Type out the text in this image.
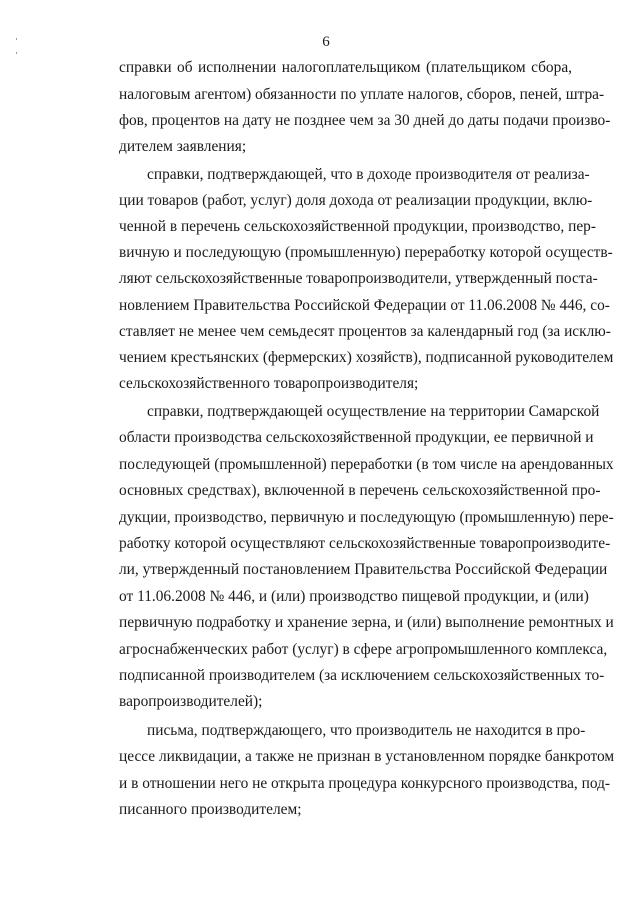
6
справки об исполнении налогоплательщиком (плательщиком сбора,
налоговым агентом) обязанности по уплате налогов, сборов, пеней, штра-
фов, процентов на дату не позднее чем за 30 дней до даты подачи произво-
дителем заявления;
справки, подтверждающей, что в доходе производителя от реализа-
ции товаров (работ, услуг) доля дохода от реализации продукции, вклю-
ченной в перечень сельскохозяйственной продукции, производство, пер-
вичную и последующую (промышленную) переработку которой осуществ-
ляют сельскохозяйственные товаропроизводители, утвержденный поста-
новлением Правительства Российской Федерации от 11.06.2008 № 446, со-
ставляет не менее чем семьдесят процентов за календарный год (за исклю-
чением крестьянских (фермерских) хозяйств), подписанной руководителем
сельскохозяйственного товаропроизводителя;
справки, подтверждающей осуществление на территории Самарской
области производства сельскохозяйственной продукции, ее первичной и
последующей (промышленной) переработки (в том числе на арендованных
основных средствах), включенной в перечень сельскохозяйственной про-
дукции, производство, первичную и последующую (промышленную) пере-
работку которой осуществляют сельскохозяйственные товаропроизводите-
ли, утвержденный постановлением Правительства Российской Федерации
от 11.06.2008 № 446, и (или) производство пищевой продукции, и (или)
первичную подработку и хранение зерна, и (или) выполнение ремонтных и
агроснабженческих работ (услуг) в сфере агропромышленного комплекса,
подписанной производителем (за исключением сельскохозяйственных то-
варопроизводителей);
письма, подтверждающего, что производитель не находится в про-
цессе ликвидации, а также не признан в установленном порядке банкротом
и в отношении него не открыта процедура конкурсного производства, под-
писанного производителем;
